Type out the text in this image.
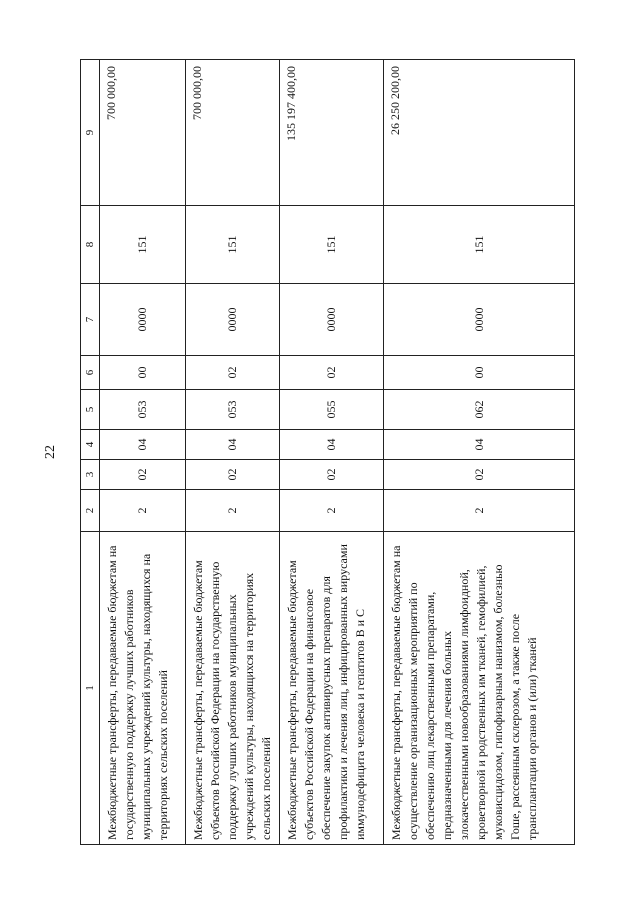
22
1	2	3	4	5	6	7	8	9
Межбюджетные трансферты, передаваемые бюджетам на государственную поддержку лучших работников муниципальных учреждений культуры, находящихся на территориях сельских поселений	2	02	04	053	00	0000	151	700 000,00
Межбюджетные трансферты, передаваемые бюджетам субъектов Российской Федерации на государственную поддержку лучших работников муниципальных учреждений культуры, находящихся на территориях сельских поселений	2	02	04	053	02	0000	151	700 000,00
Межбюджетные трансферты, передаваемые бюджетам субъектов Российской Федерации на финансовое обеспечение закупок антивирусных препаратов для профилактики и лечения лиц, инфицированных вирусами иммунодефицита человека и гепатитов B и C	2	02	04	055	02	0000	151	135 197 400,00
Межбюджетные трансферты, передаваемые бюджетам на осуществление организационных мероприятий по обеспечению лиц лекарственными препаратами, предназначенными для лечения больных злокачественными новообразованиями лимфоидной, кроветворной и родственных им тканей, гемофилией, муковисцидозом, гипофизарным нанизмом, болезнью Гоше, рассеянным склерозом, а также после трансплантации органов и (или) тканей	2	02	04	062	00	0000	151	26 250 200,00
